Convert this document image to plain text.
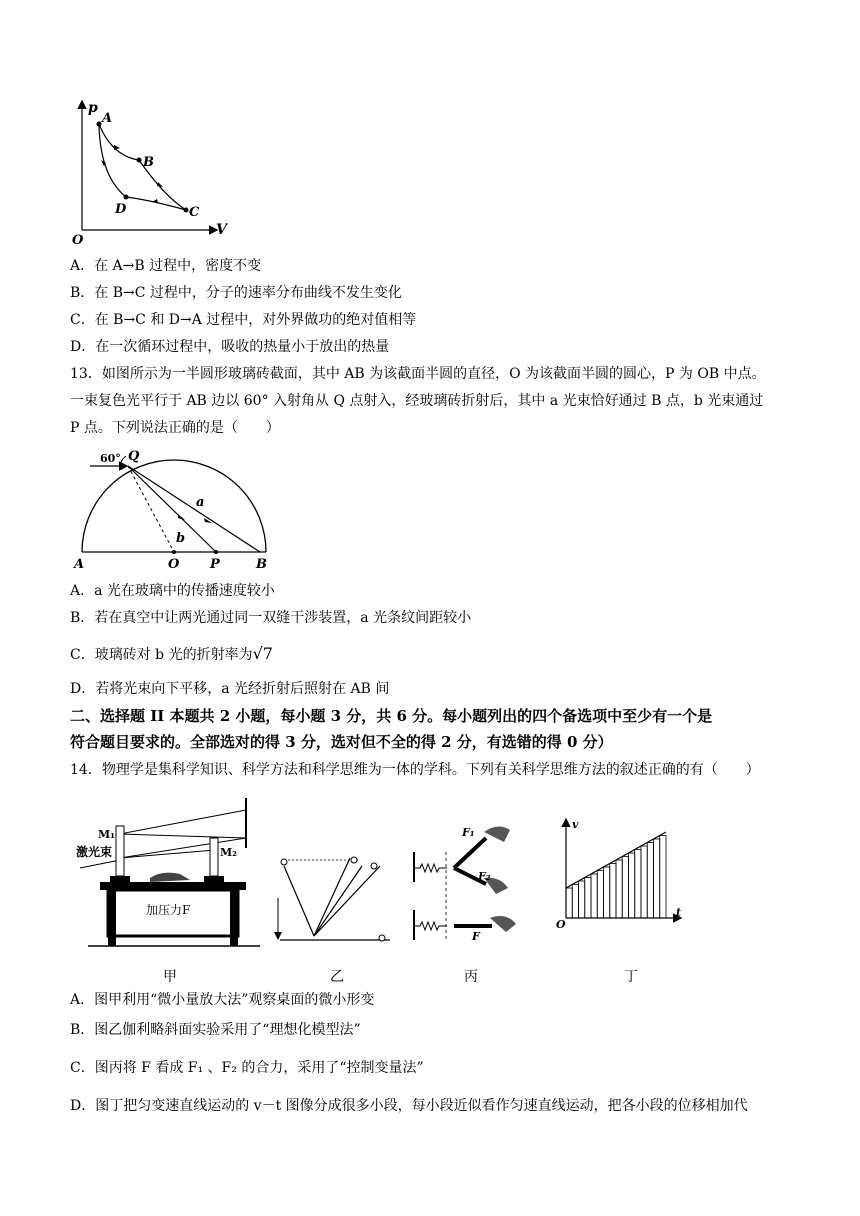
p
V
O
A
B
C
D
A．在 A→B 过程中，密度不变
B．在 B→C 过程中，分子的速率分布曲线不发生变化
C．在 B→C 和 D→A 过程中，对外界做功的绝对值相等
D．在一次循环过程中，吸收的热量小于放出的热量
13．如图所示为一半圆形玻璃砖截面，其中 AB 为该截面半圆的直径，O 为该截面半圆的圆心，P 为 OB 中点。
一束复色光平行于 AB 边以 60° 入射角从 Q 点射入，经玻璃砖折射后，其中 a 光束恰好通过 B 点，b 光束通过
P 点。下列说法正确的是（　　）
60° Q
a
b
A	O P	B
A．a 光在玻璃中的传播速度较小
B．若在真空中让两光通过同一双缝干涉装置，a 光条纹间距较小
C．玻璃砖对 b 光的折射率为√7
D．若将光束向下平移，a 光经折射后照射在 AB 间
二、选择题 II 本题共 2 小题，每小题 3 分，共 6 分。每小题列出的四个备选项中至少有一个是
符合题目要求的。全部选对的得 3 分，选对但不全的得 2 分，有选错的得 0 分）
14．物理学是集科学知识、科学方法和科学思维为一体的学科。下列有关科学思维方法的叙述正确的有（　　）
M₁
M₂
激光束
加压力F
F₁
F₂
F
v
t
O
甲	乙	丙	丁
A．图甲利用“微小量放大法”观察桌面的微小形变
B．图乙伽利略斜面实验采用了“理想化模型法”
C．图丙将 F 看成 F₁ 、F₂ 的合力，采用了“控制变量法”
D．图丁把匀变速直线运动的 v－t 图像分成很多小段，每小段近似看作匀速直线运动，把各小段的位移相加代
